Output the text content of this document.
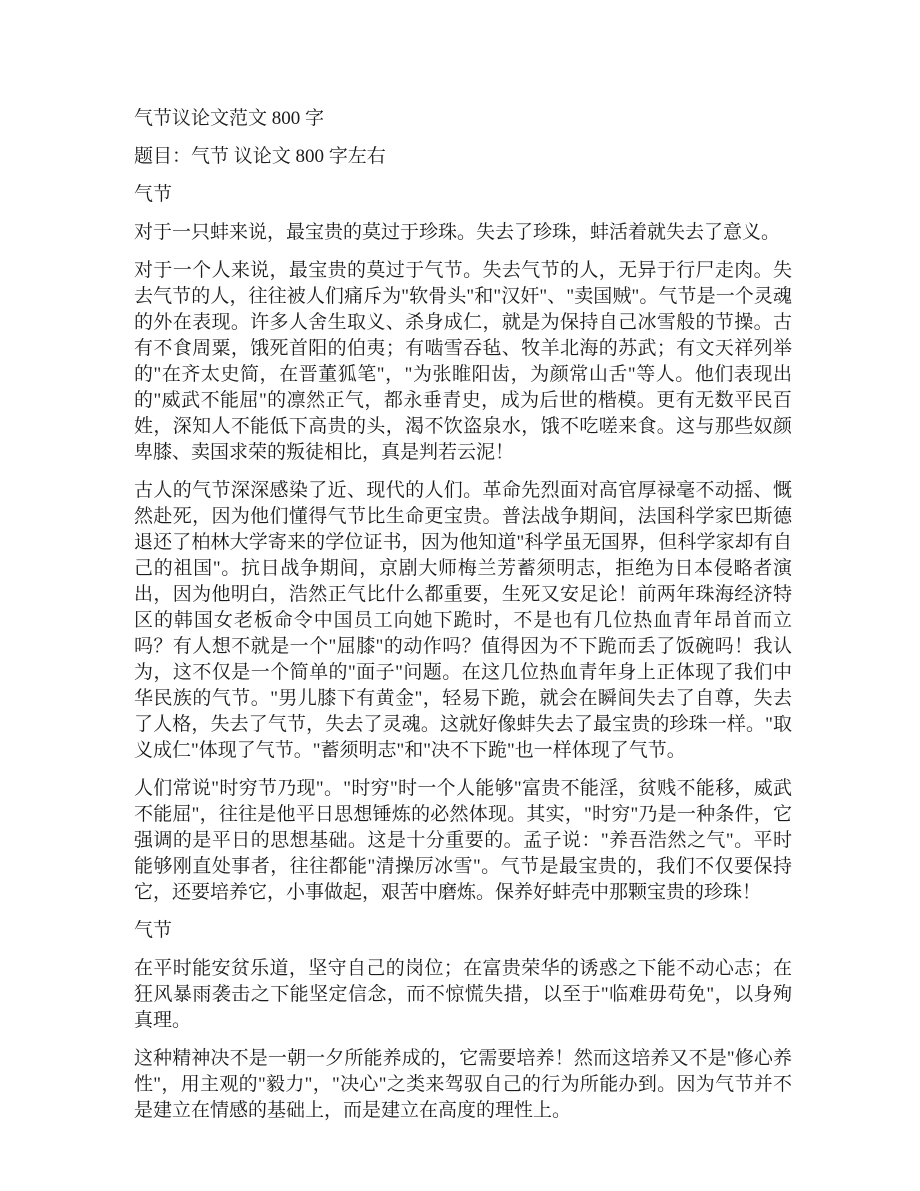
气节议论文范文 800 字

题目：气节 议论文 800 字左右

气节

对于一只蚌来说，最宝贵的莫过于珍珠。失去了珍珠，蚌活着就失去了意义。

对于一个人来说，最宝贵的莫过于气节。失去气节的人，无异于行尸走肉。失去气节的人，往往被人们痛斥为"软骨头"和"汉奸"、"卖国贼"。气节是一个灵魂的外在表现。许多人舍生取义、杀身成仁，就是为保持自己冰雪般的节操。古有不食周粟，饿死首阳的伯夷；有啮雪吞毡、牧羊北海的苏武；有文天祥列举的"在齐太史简，在晋董狐笔"，"为张睢阳齿，为颜常山舌"等人。他们表现出的"威武不能屈"的凛然正气，都永垂青史，成为后世的楷模。更有无数平民百姓，深知人不能低下高贵的头，渴不饮盗泉水，饿不吃嗟来食。这与那些奴颜卑膝、卖国求荣的叛徒相比，真是判若云泥！

古人的气节深深感染了近、现代的人们。革命先烈面对高官厚禄毫不动摇、慨然赴死，因为他们懂得气节比生命更宝贵。普法战争期间，法国科学家巴斯德退还了柏林大学寄来的学位证书，因为他知道"科学虽无国界，但科学家却有自己的祖国"。抗日战争期间，京剧大师梅兰芳蓄须明志，拒绝为日本侵略者演出，因为他明白，浩然正气比什么都重要，生死又安足论！前两年珠海经济特区的韩国女老板命令中国员工向她下跪时，不是也有几位热血青年昂首而立吗？有人想不就是一个"屈膝"的动作吗？值得因为不下跪而丢了饭碗吗！我认为，这不仅是一个简单的"面子"问题。在这几位热血青年身上正体现了我们中华民族的气节。"男儿膝下有黄金"，轻易下跪，就会在瞬间失去了自尊，失去了人格，失去了气节，失去了灵魂。这就好像蚌失去了最宝贵的珍珠一样。"取义成仁"体现了气节。"蓄须明志"和"决不下跪"也一样体现了气节。

人们常说"时穷节乃现"。"时穷"时一个人能够"富贵不能淫，贫贱不能移，威武不能屈"，往往是他平日思想锤炼的必然体现。其实，"时穷"乃是一种条件，它强调的是平日的思想基础。这是十分重要的。孟子说："养吾浩然之气"。平时能够刚直处事者，往往都能"清操厉冰雪"。气节是最宝贵的，我们不仅要保持它，还要培养它，小事做起，艰苦中磨炼。保养好蚌壳中那颗宝贵的珍珠！

气节

在平时能安贫乐道，坚守自己的岗位；在富贵荣华的诱惑之下能不动心志；在狂风暴雨袭击之下能坚定信念，而不惊慌失措，以至于"临难毋苟免"，以身殉真理。

这种精神决不是一朝一夕所能养成的，它需要培养！然而这培养又不是"修心养性"，用主观的"毅力"，"决心"之类来驾驭自己的行为所能办到。因为气节并不是建立在情感的基础上，而是建立在高度的理性上。
